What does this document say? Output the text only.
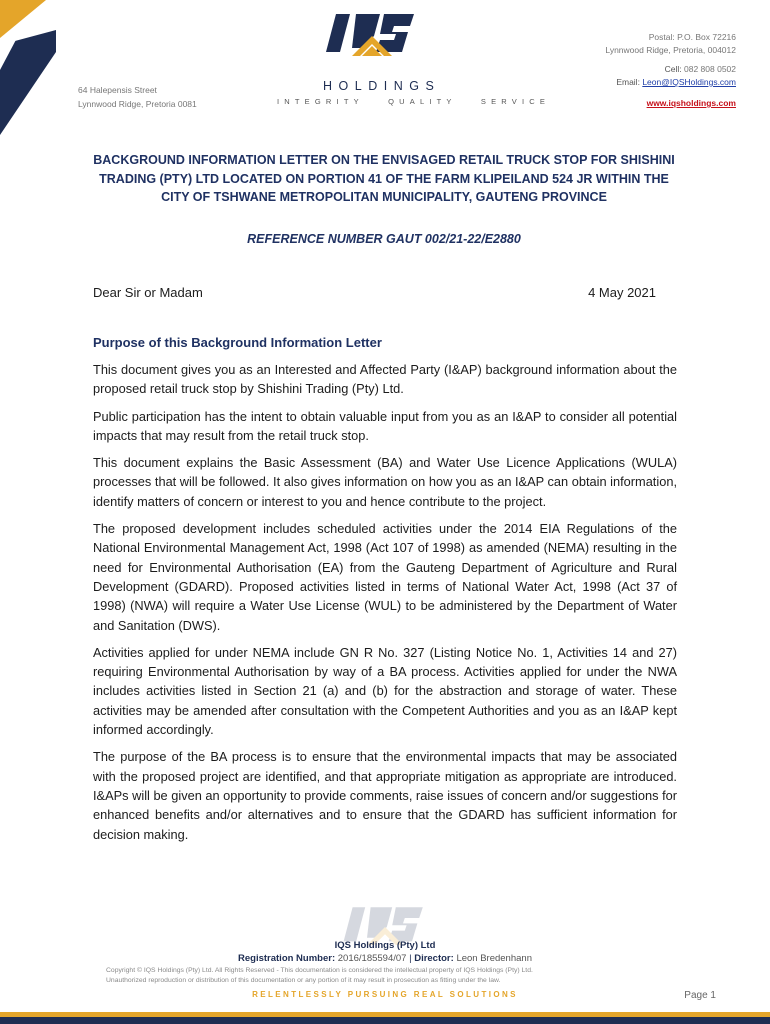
HOLDINGS
INTEGRITY	QUALITY	SERVICE
64 Halepensis Street
Lynnwood Ridge, Pretoria 0081
Postal: P.O. Box 72216
Lynnwood Ridge, Pretoria, 004012
Cell: 082 808 0502
Email: Leon@IQSHoldings.com
www.iqsholdings.com
BACKGROUND INFORMATION LETTER ON THE ENVISAGED RETAIL TRUCK STOP FOR SHISHINI TRADING (PTY) LTD LOCATED ON PORTION 41 OF THE FARM KLIPEILAND 524 JR WITHIN THE CITY OF TSHWANE METROPOLITAN MUNICIPALITY, GAUTENG PROVINCE
REFERENCE NUMBER GAUT 002/21-22/E2880
Dear Sir or Madam	4 May 2021
Purpose of this Background Information Letter

This document gives you as an Interested and Affected Party (I&AP) background information about the proposed retail truck stop by Shishini Trading (Pty) Ltd.

Public participation has the intent to obtain valuable input from you as an I&AP to consider all potential impacts that may result from the retail truck stop.

This document explains the Basic Assessment (BA) and Water Use Licence Applications (WULA) processes that will be followed. It also gives information on how you as an I&AP can obtain information, identify matters of concern or interest to you and hence contribute to the project.

The proposed development includes scheduled activities under the 2014 EIA Regulations of the National Environmental Management Act, 1998 (Act 107 of 1998) as amended (NEMA) resulting in the need for Environmental Authorisation (EA) from the Gauteng Department of Agriculture and Rural Development (GDARD). Proposed activities listed in terms of National Water Act, 1998 (Act 37 of 1998) (NWA) will require a Water Use License (WUL) to be administered by the Department of Water and Sanitation (DWS).

Activities applied for under NEMA include GN R No. 327 (Listing Notice No. 1, Activities 14 and 27) requiring Environmental Authorisation by way of a BA process. Activities applied for under the NWA includes activities listed in Section 21 (a) and (b) for the abstraction and storage of water. These activities may be amended after consultation with the Competent Authorities and you as an I&AP kept informed accordingly.

The purpose of the BA process is to ensure that the environmental impacts that may be associated with the proposed project are identified, and that appropriate mitigation as appropriate are introduced. I&APs will be given an opportunity to provide comments, raise issues of concern and/or suggestions for enhanced benefits and/or alternatives and to ensure that the GDARD has sufficient information for decision making.

IQS Holdings (Pty) Ltd
Registration Number: 2016/185594/07 | Director: Leon Bredenhann
Copyright © IQS Holdings (Pty) Ltd. All Rights Reserved - This documentation is considered the intellectual property of IQS Holdings (Pty) Ltd.
Unauthorized reproduction or distribution of this documentation or any portion of it may result in prosecution as fitting under the law.
RELENTLESSLY PURSUING REAL SOLUTIONS	Page 1
